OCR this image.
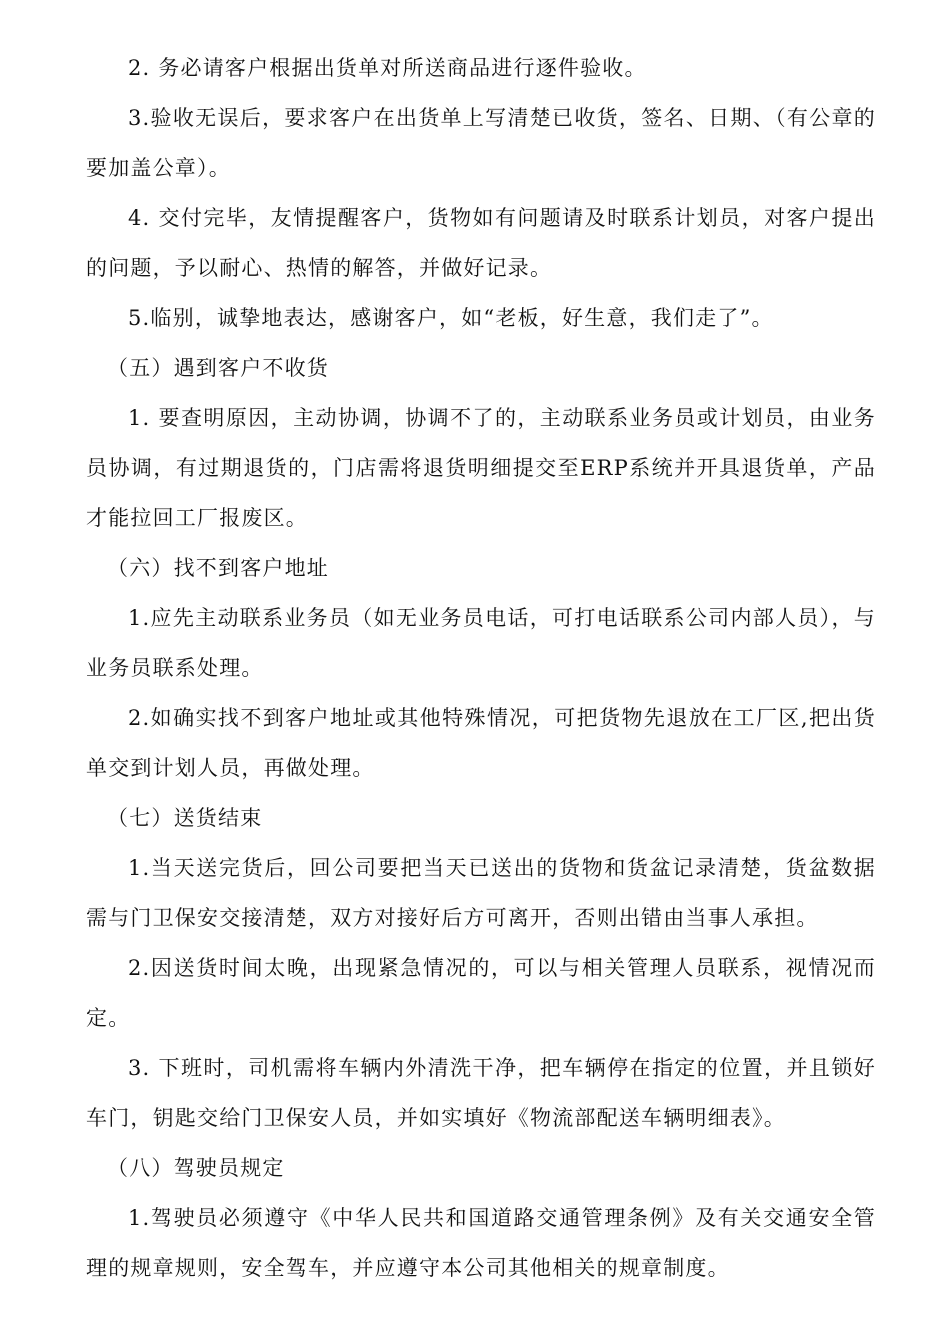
2. 务必请客户根据出货单对所送商品进行逐件验收。

3.验收无误后，要求客户在出货单上写清楚已收货，签名、日期、（有公章的要加盖公章）。

4. 交付完毕，友情提醒客户，货物如有问题请及时联系计划员，对客户提出的问题，予以耐心、热情的解答，并做好记录。

5.临别，诚挚地表达，感谢客户，如“老板，好生意，我们走了”。

（五）遇到客户不收货

1. 要查明原因，主动协调，协调不了的，主动联系业务员或计划员，由业务员协调，有过期退货的，门店需将退货明细提交至ERP系统并开具退货单，产品才能拉回工厂报废区。

（六）找不到客户地址

1.应先主动联系业务员（如无业务员电话，可打电话联系公司内部人员），与业务员联系处理。

2.如确实找不到客户地址或其他特殊情况，可把货物先退放在工厂区,把出货单交到计划人员，再做处理。

（七）送货结束

1.当天送完货后，回公司要把当天已送出的货物和货盆记录清楚，货盆数据需与门卫保安交接清楚，双方对接好后方可离开，否则出错由当事人承担。

2.因送货时间太晚，出现紧急情况的，可以与相关管理人员联系，视情况而定。

3. 下班时，司机需将车辆内外清洗干净，把车辆停在指定的位置，并且锁好车门，钥匙交给门卫保安人员，并如实填好《物流部配送车辆明细表》。

（八）驾驶员规定

1.驾驶员必须遵守《中华人民共和国道路交通管理条例》及有关交通安全管理的规章规则，安全驾车，并应遵守本公司其他相关的规章制度。
